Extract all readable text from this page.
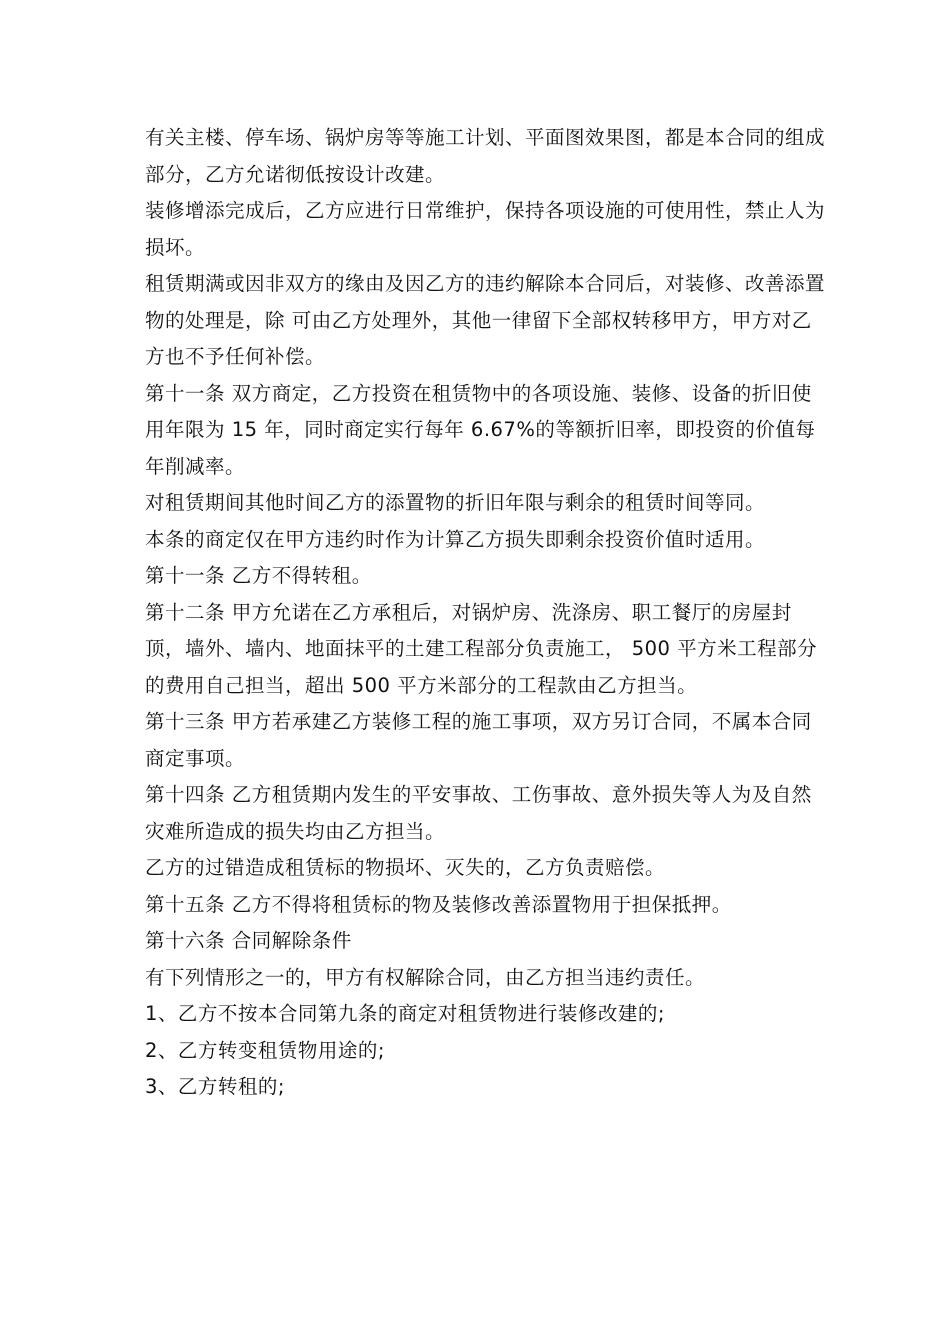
有关主楼、停车场、锅炉房等等施工计划、平面图效果图，都是本合同的组成部分，乙方允诺彻低按设计改建。

装修增添完成后，乙方应进行日常维护，保持各项设施的可使用性，禁止人为损坏。

租赁期满或因非双方的缘由及因乙方的违约解除本合同后，对装修、改善添置物的处理是，除 可由乙方处理外，其他一律留下全部权转移甲方，甲方对乙方也不予任何补偿。

第十一条 双方商定，乙方投资在租赁物中的各项设施、装修、设备的折旧使用年限为 15 年，同时商定实行每年 6.67%的等额折旧率，即投资的价值每年削减率。

对租赁期间其他时间乙方的添置物的折旧年限与剩余的租赁时间等同。

本条的商定仅在甲方违约时作为计算乙方损失即剩余投资价值时适用。

第十一条 乙方不得转租。

第十二条 甲方允诺在乙方承租后，对锅炉房、洗涤房、职工餐厅的房屋封顶，墙外、墙内、地面抹平的土建工程部分负责施工， 500 平方米工程部分的费用自己担当，超出 500 平方米部分的工程款由乙方担当。

第十三条 甲方若承建乙方装修工程的施工事项，双方另订合同，不属本合同商定事项。

第十四条 乙方租赁期内发生的平安事故、工伤事故、意外损失等人为及自然灾难所造成的损失均由乙方担当。

乙方的过错造成租赁标的物损坏、灭失的，乙方负责赔偿。

第十五条 乙方不得将租赁标的物及装修改善添置物用于担保抵押。

第十六条 合同解除条件

有下列情形之一的，甲方有权解除合同，由乙方担当违约责任。

1、乙方不按本合同第九条的商定对租赁物进行装修改建的;

2、乙方转变租赁物用途的;

3、乙方转租的;
